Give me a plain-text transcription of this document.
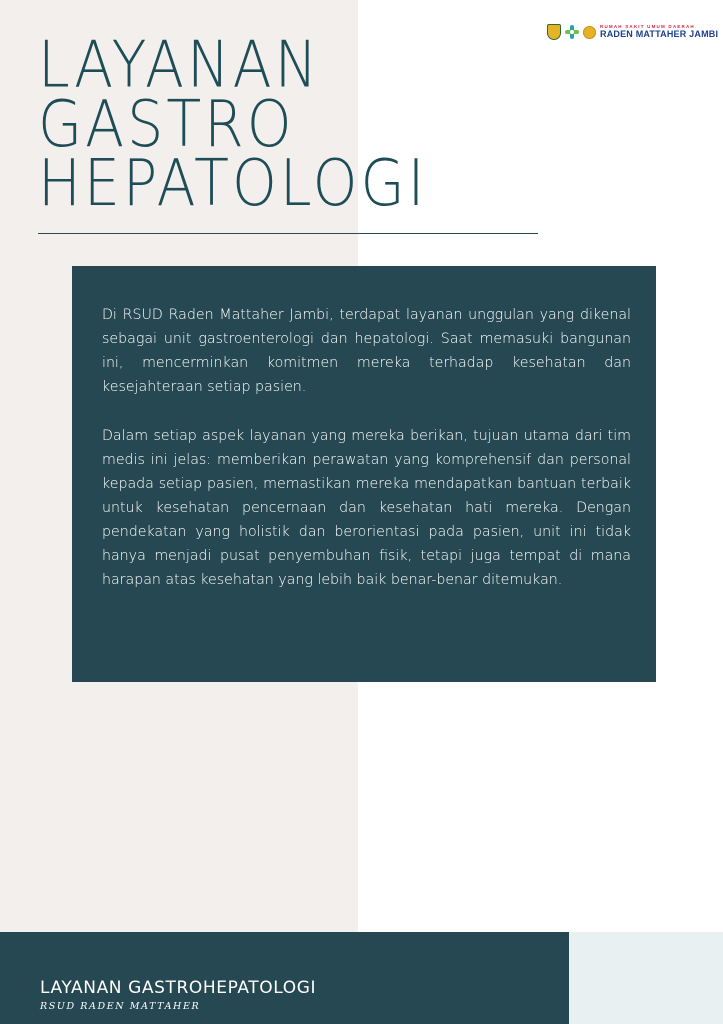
RUMAH SAKIT UMUM DAERAH
RADEN MATTAHER JAMBI
LAYANAN
GASTRO
HEPATOLOGI

Di RSUD Raden Mattaher Jambi, terdapat layanan unggulan yang dikenal sebagai unit gastroenterologi dan hepatologi. Saat memasuki bangunan ini, mencerminkan komitmen mereka terhadap kesehatan dan kesejahteraan setiap pasien.

Dalam setiap aspek layanan yang mereka berikan, tujuan utama dari tim medis ini jelas: memberikan perawatan yang komprehensif dan personal kepada setiap pasien, memastikan mereka mendapatkan bantuan terbaik untuk kesehatan pencernaan dan kesehatan hati mereka. Dengan pendekatan yang holistik dan berorientasi pada pasien, unit ini tidak hanya menjadi pusat penyembuhan fisik, tetapi juga tempat di mana harapan atas kesehatan yang lebih baik benar-benar ditemukan.

LAYANAN GASTROHEPATOLOGI
RSUD RADEN MATTAHER
